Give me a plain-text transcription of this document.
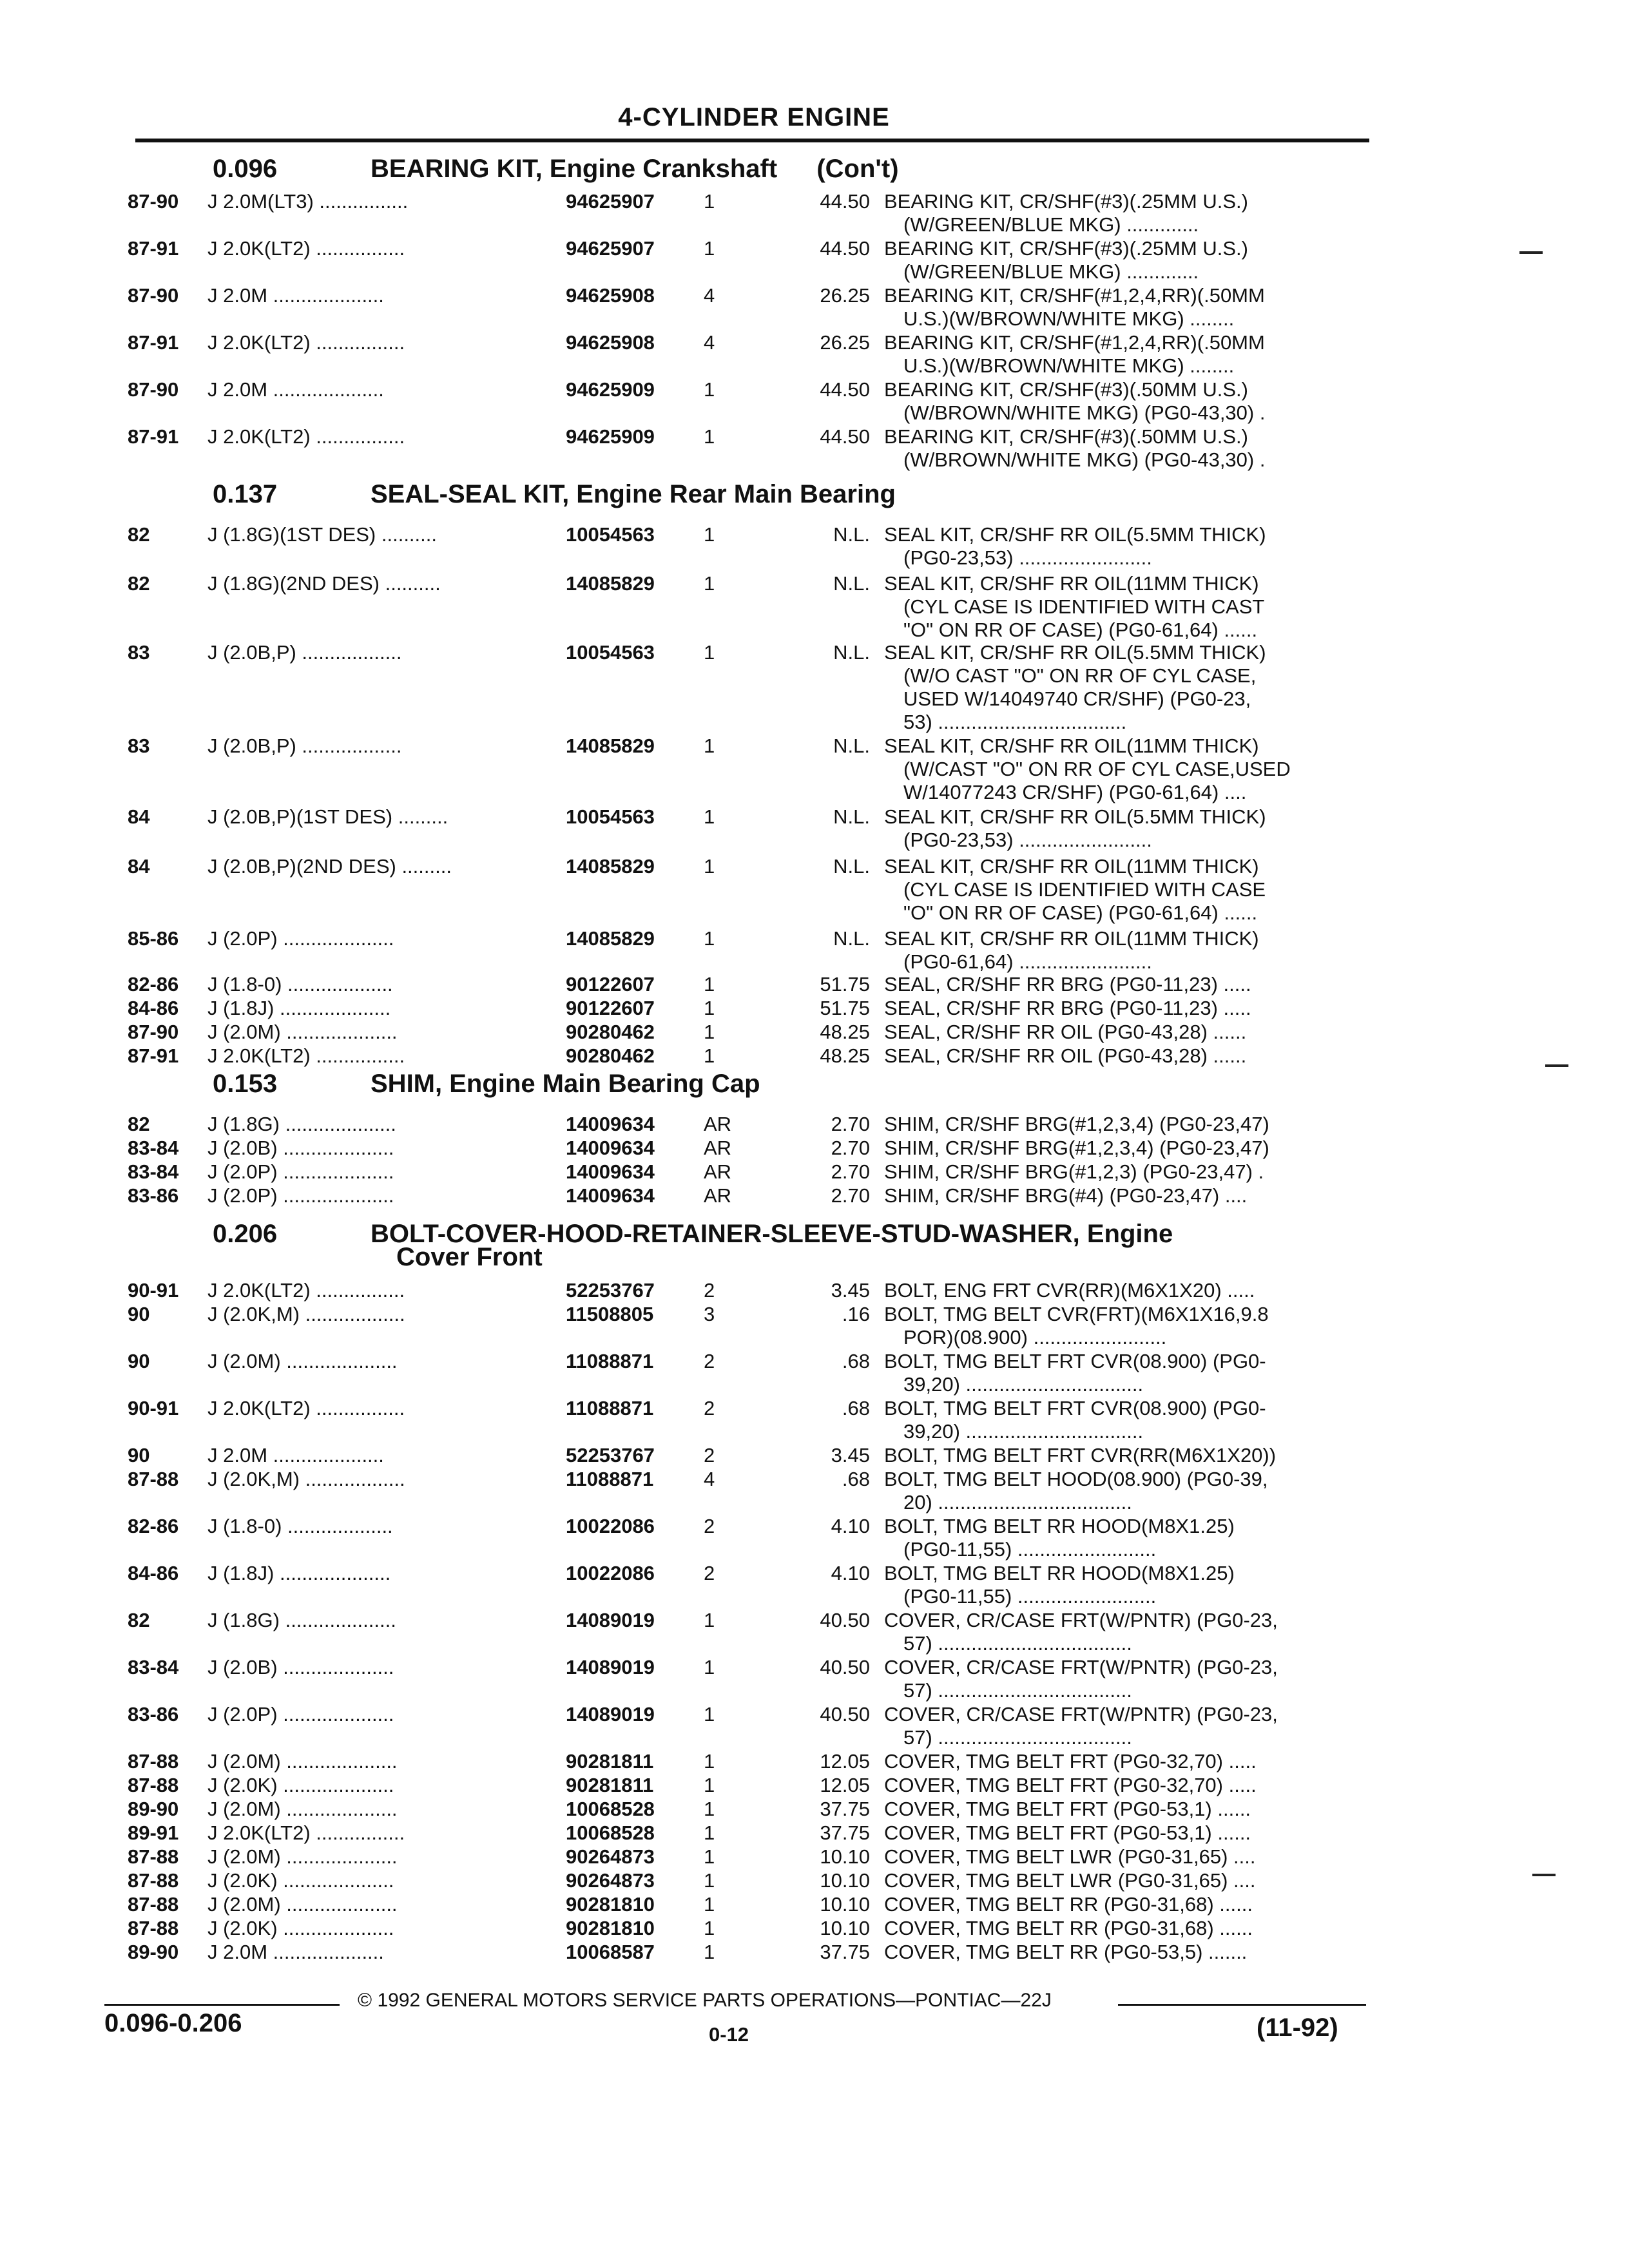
4-CYLINDER ENGINE
0.096	BEARING KIT, Engine Crankshaft (Con't)
87-90 J 2.0M(LT3) ................	94625907	1	44.50 BEARING KIT, CR/SHF(#3)(.25MM U.S.)
(W/GREEN/BLUE MKG) .............
87-91 J 2.0K(LT2) ................	94625907	1	44.50 BEARING KIT, CR/SHF(#3)(.25MM U.S.)
(W/GREEN/BLUE MKG) .............
87-90 J 2.0M ....................	94625908	4	26.25 BEARING KIT, CR/SHF(#1,2,4,RR)(.50MM
U.S.)(W/BROWN/WHITE MKG) ........
87-91 J 2.0K(LT2) ................	94625908	4	26.25 BEARING KIT, CR/SHF(#1,2,4,RR)(.50MM
U.S.)(W/BROWN/WHITE MKG) ........
87-90 J 2.0M ....................	94625909	1	44.50 BEARING KIT, CR/SHF(#3)(.50MM U.S.)
(W/BROWN/WHITE MKG) (PG0-43,30) .
87-91 J 2.0K(LT2) ................	94625909	1	44.50 BEARING KIT, CR/SHF(#3)(.50MM U.S.)
(W/BROWN/WHITE MKG) (PG0-43,30) .
0.137	SEAL-SEAL KIT, Engine Rear Main Bearing
82	J (1.8G)(1ST DES) ..........	10054563	1	N.L. SEAL KIT, CR/SHF RR OIL(5.5MM THICK)
(PG0-23,53) ........................
82	J (1.8G)(2ND DES) ..........	14085829	1	N.L. SEAL KIT, CR/SHF RR OIL(11MM THICK)
(CYL CASE IS IDENTIFIED WITH CAST
"O" ON RR OF CASE) (PG0-61,64) ......
83	J (2.0B,P) ..................	10054563	1	N.L. SEAL KIT, CR/SHF RR OIL(5.5MM THICK)
(W/O CAST "O" ON RR OF CYL CASE,
USED W/14049740 CR/SHF) (PG0-23,
53) ..................................
83	J (2.0B,P) ..................	14085829	1	N.L. SEAL KIT, CR/SHF RR OIL(11MM THICK)
(W/CAST "O" ON RR OF CYL CASE,USED
W/14077243 CR/SHF) (PG0-61,64) ....
84	J (2.0B,P)(1ST DES) .........	10054563	1	N.L. SEAL KIT, CR/SHF RR OIL(5.5MM THICK)
(PG0-23,53) ........................
84	J (2.0B,P)(2ND DES) .........	14085829	1	N.L. SEAL KIT, CR/SHF RR OIL(11MM THICK)
(CYL CASE IS IDENTIFIED WITH CASE
"O" ON RR OF CASE) (PG0-61,64) ......
85-86 J (2.0P) ....................	14085829	1	N.L. SEAL KIT, CR/SHF RR OIL(11MM THICK)
(PG0-61,64) ........................
82-86 J (1.8-0) ...................	90122607	1	51.75 SEAL, CR/SHF RR BRG (PG0-11,23) .....
84-86 J (1.8J) ....................	90122607	1	51.75 SEAL, CR/SHF RR BRG (PG0-11,23) .....
87-90 J (2.0M) ....................	90280462	1	48.25 SEAL, CR/SHF RR OIL (PG0-43,28) ......
87-91 J 2.0K(LT2) ................	90280462	1	48.25 SEAL, CR/SHF RR OIL (PG0-43,28) ......
0.153	SHIM, Engine Main Bearing Cap
82	J (1.8G) ....................	14009634	AR	2.70 SHIM, CR/SHF BRG(#1,2,3,4) (PG0-23,47)
83-84 J (2.0B) ....................	14009634	AR	2.70 SHIM, CR/SHF BRG(#1,2,3,4) (PG0-23,47)
83-84 J (2.0P) ....................	14009634	AR	2.70 SHIM, CR/SHF BRG(#1,2,3) (PG0-23,47) .
83-86 J (2.0P) ....................	14009634	AR	2.70 SHIM, CR/SHF BRG(#4) (PG0-23,47) ....
0.206	BOLT-COVER-HOOD-RETAINER-SLEEVE-STUD-WASHER, Engine
Cover Front
90-91 J 2.0K(LT2) ................	52253767	2	3.45 BOLT, ENG FRT CVR(RR)(M6X1X20) .....
90	J (2.0K,M) ..................	11508805	3	.16 BOLT, TMG BELT CVR(FRT)(M6X1X16,9.8
POR)(08.900) ........................
90	J (2.0M) ....................	11088871	2	.68 BOLT, TMG BELT FRT CVR(08.900) (PG0-
39,20) ................................
90-91 J 2.0K(LT2) ................	11088871	2	.68 BOLT, TMG BELT FRT CVR(08.900) (PG0-
39,20) ................................
90	J 2.0M ....................	52253767	2	3.45 BOLT, TMG BELT FRT CVR(RR(M6X1X20))
87-88 J (2.0K,M) ..................	11088871	4	.68 BOLT, TMG BELT HOOD(08.900) (PG0-39,
20) ...................................
82-86 J (1.8-0) ...................	10022086	2	4.10 BOLT, TMG BELT RR HOOD(M8X1.25)
(PG0-11,55) .........................
84-86 J (1.8J) ....................	10022086	2	4.10 BOLT, TMG BELT RR HOOD(M8X1.25)
(PG0-11,55) .........................
82	J (1.8G) ....................	14089019	1	40.50 COVER, CR/CASE FRT(W/PNTR) (PG0-23,
57) ...................................
83-84 J (2.0B) ....................	14089019	1	40.50 COVER, CR/CASE FRT(W/PNTR) (PG0-23,
57) ...................................
83-86 J (2.0P) ....................	14089019	1	40.50 COVER, CR/CASE FRT(W/PNTR) (PG0-23,
57) ...................................
87-88 J (2.0M) ....................	90281811	1	12.05 COVER, TMG BELT FRT (PG0-32,70) .....
87-88 J (2.0K) ....................	90281811	1	12.05 COVER, TMG BELT FRT (PG0-32,70) .....
89-90 J (2.0M) ....................	10068528	1	37.75 COVER, TMG BELT FRT (PG0-53,1) ......
89-91 J 2.0K(LT2) ................	10068528	1	37.75 COVER, TMG BELT FRT (PG0-53,1) ......
87-88 J (2.0M) ....................	90264873	1	10.10 COVER, TMG BELT LWR (PG0-31,65) ....
87-88 J (2.0K) ....................	90264873	1	10.10 COVER, TMG BELT LWR (PG0-31,65) ....
87-88 J (2.0M) ....................	90281810	1	10.10 COVER, TMG BELT RR (PG0-31,68) ......
87-88 J (2.0K) ....................	90281810	1	10.10 COVER, TMG BELT RR (PG0-31,68) ......
89-90 J 2.0M ....................	10068587	1	37.75 COVER, TMG BELT RR (PG0-53,5) .......
0.096-0.206
© 1992 GENERAL MOTORS SERVICE PARTS OPERATIONS—PONTIAC—22J
0-12	(11-92)
